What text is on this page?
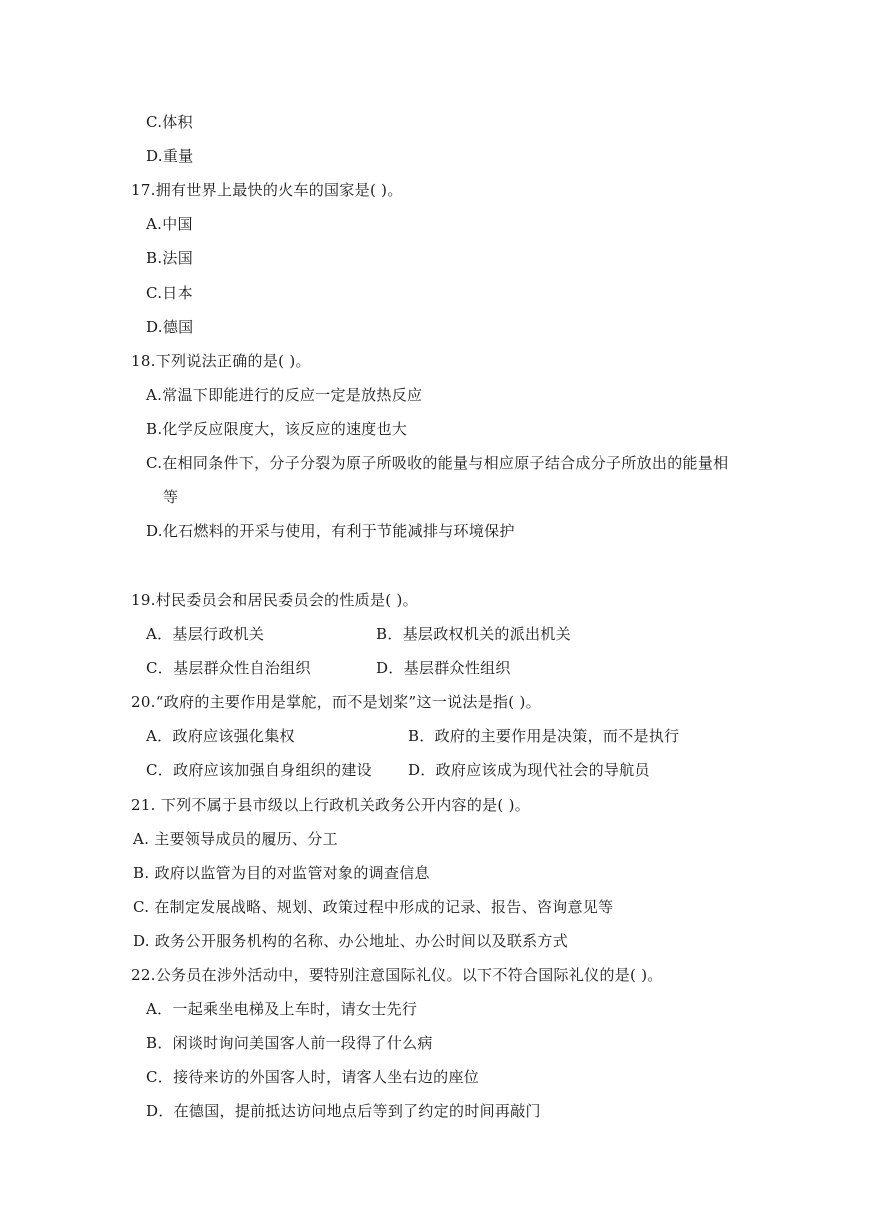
C.体积
D.重量
17.拥有世界上最快的火车的国家是( )。
A.中国
B.法国
C.日本
D.德国
18.下列说法正确的是( )。
A.常温下即能进行的反应一定是放热反应
B.化学反应限度大，该反应的速度也大
C.在相同条件下，分子分裂为原子所吸收的能量与相应原子结合成分子所放出的能量相
等
D.化石燃料的开采与使用，有利于节能减排与环境保护
19.村民委员会和居民委员会的性质是( )。
A．基层行政机关	B．基层政权机关的派出机关
C．基层群众性自治组织	D．基层群众性组织
20.“政府的主要作用是掌舵，而不是划桨”这一说法是指( )。
A．政府应该强化集权	B．政府的主要作用是决策，而不是执行
C．政府应该加强自身组织的建设 D．政府应该成为现代社会的导航员
21. 下列不属于县市级以上行政机关政务公开内容的是( )。
A. 主要领导成员的履历、分工
B. 政府以监管为目的对监管对象的调查信息
C. 在制定发展战略、规划、政策过程中形成的记录、报告、咨询意见等
D. 政务公开服务机构的名称、办公地址、办公时间以及联系方式
22.公务员在涉外活动中，要特别注意国际礼仪。以下不符合国际礼仪的是( )。
A．一起乘坐电梯及上车时，请女士先行
B．闲谈时询问美国客人前一段得了什么病
C．接待来访的外国客人时，请客人坐右边的座位
D．在德国，提前抵达访问地点后等到了约定的时间再敲门
